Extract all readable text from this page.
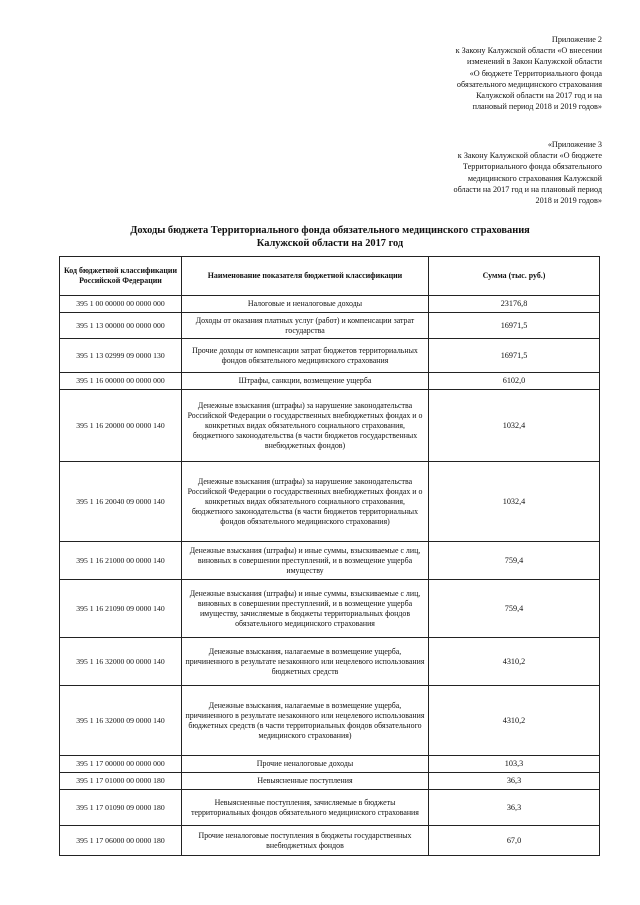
Приложение 2
к Закону Калужской области «О внесении
изменений в Закон Калужской области
«О бюджете Территориального фонда
обязательного медицинского страхования
Калужской области на 2017 год и на
плановый период 2018 и 2019 годов»
«Приложение 3
к Закону Калужской области «О бюджете
Территориального фонда обязательного
медицинского страхования Калужской
области на 2017 год и на плановый период
2018 и 2019 годов»
Доходы бюджета Территориального фонда обязательного медицинского страхования
Калужской области на 2017 год
Код бюджетной классификации Российской Федерации	Наименование показателя бюджетной классификации	Сумма (тыс. руб.)
395 1 00 00000 00 0000 000	Налоговые и неналоговые доходы	23176,8
395 1 13 00000 00 0000 000	Доходы от оказания платных услуг (работ) и компенсации затрат государства	16971,5
395 1 13 02999 09 0000 130	Прочие доходы от компенсации затрат бюджетов территориальных фондов обязательного медицинского страхования	16971,5
395 1 16 00000 00 0000 000	Штрафы, санкции, возмещение ущерба	6102,0
395 1 16 20000 00 0000 140	Денежные взыскания (штрафы) за нарушение законодательства Российской Федерации о государственных внебюджетных фондах и о конкретных видах обязательного социального страхования, бюджетного законодательства (в части бюджетов государственных внебюджетных фондов)	1032,4
395 1 16 20040 09 0000 140	Денежные взыскания (штрафы) за нарушение законодательства Российской Федерации о государственных внебюджетных фондах и о конкретных видах обязательного социального страхования, бюджетного законодательства (в части бюджетов территориальных фондов обязательного медицинского страхования)	1032,4
395 1 16 21000 00 0000 140	Денежные взыскания (штрафы) и иные суммы, взыскиваемые с лиц, виновных в совершении преступлений, и в возмещение ущерба имуществу	759,4
395 1 16 21090 09 0000 140	Денежные взыскания (штрафы) и иные суммы, взыскиваемые с лиц, виновных в совершении преступлений, и в возмещение ущерба имуществу, зачисляемые в бюджеты территориальных фондов обязательного медицинского страхования	759,4
395 1 16 32000 00 0000 140	Денежные взыскания, налагаемые в возмещение ущерба, причиненного в результате незаконного или нецелевого использования бюджетных средств	4310,2
395 1 16 32000 09 0000 140	Денежные взыскания, налагаемые в возмещение ущерба, причиненного в результате незаконного или нецелевого использования бюджетных средств (в части территориальных фондов обязательного медицинского страхования)	4310,2
395 1 17 00000 00 0000 000	Прочие неналоговые доходы	103,3
395 1 17 01000 00 0000 180	Невыясненные поступления	36,3
395 1 17 01090 09 0000 180	Невыясненные поступления, зачисляемые в бюджеты территориальных фондов обязательного медицинского страхования	36,3
395 1 17 06000 00 0000 180	Прочие неналоговые поступления в бюджеты государственных внебюджетных фондов	67,0
